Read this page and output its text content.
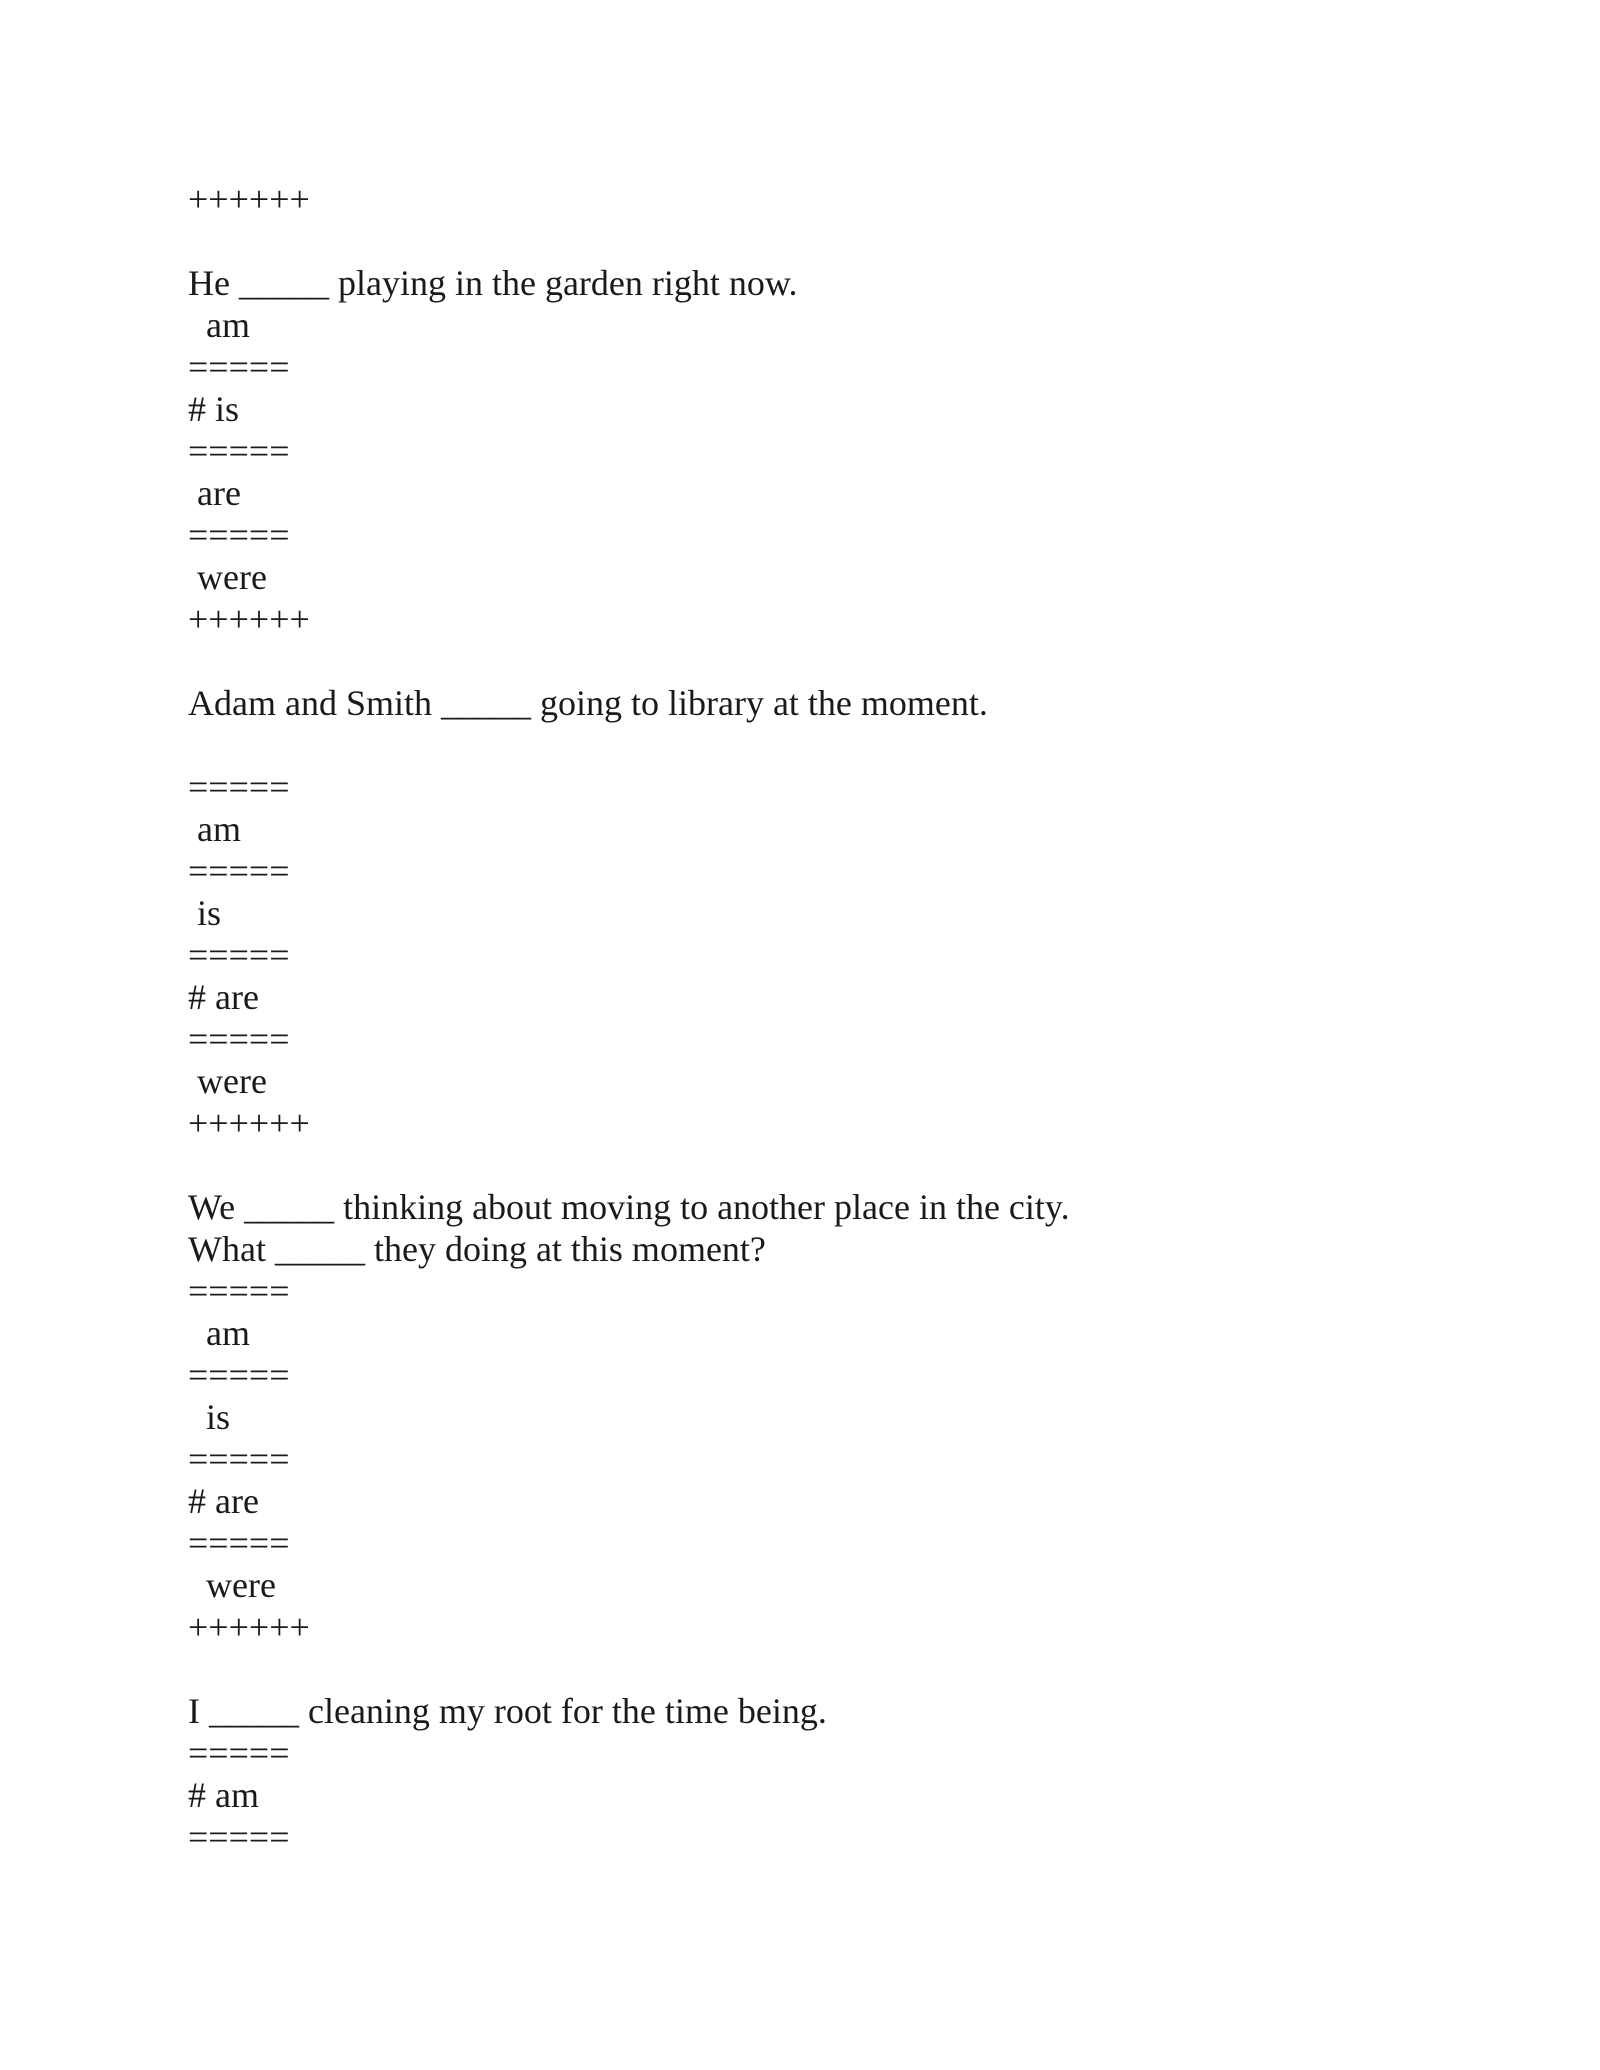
++++++
He _____ playing in the garden right now.
am
=====
# is
=====
are
=====
were
++++++
Adam and Smith _____ going to library at the moment.
=====
am
=====
is
=====
# are
=====
were
++++++
We _____ thinking about moving to another place in the city.
What _____ they doing at this moment?
=====
am
=====
is
=====
# are
=====
were
++++++
I _____ cleaning my root for the time being.
=====
# am
=====
